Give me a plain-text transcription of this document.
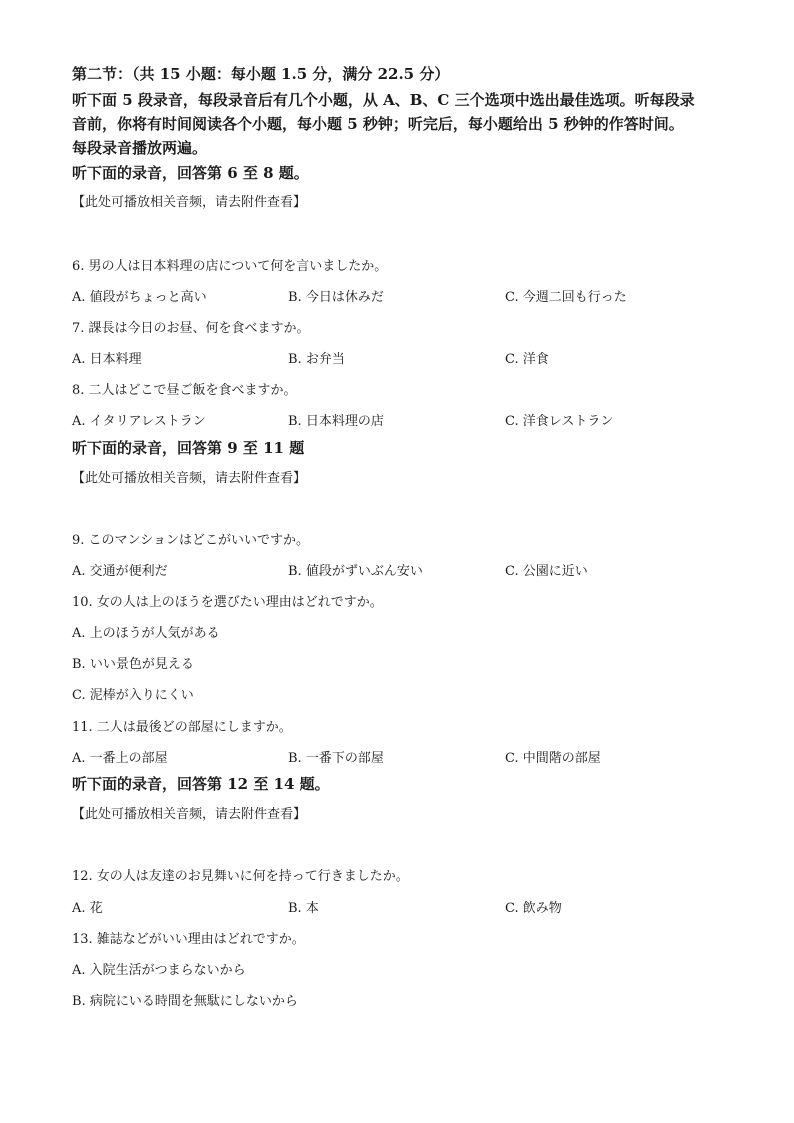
第二节：（共 15 小题：每小题 1.5 分，满分 22.5 分）
听下面 5 段录音，每段录音后有几个小题，从 A、B、C 三个选项中选出最佳选项。听每段录
音前，你将有时间阅读各个小题，每小题 5 秒钟；听完后，每小题给出 5 秒钟的作答时间。
每段录音播放两遍。
听下面的录音，回答第 6 至 8 题。
【此处可播放相关音频，请去附件查看】
6. 男の人は日本料理の店について何を言いましたか。
A. 値段がちょっと高い	B. 今日は休みだ	C. 今週二回も行った
7. 課長は今日のお昼、何を食べますか。
A. 日本料理	B. お弁当	C. 洋食
8. 二人はどこで昼ご飯を食べますか。
A. イタリアレストラン	B. 日本料理の店	C. 洋食レストラン
听下面的录音，回答第 9 至 11 题
【此处可播放相关音频，请去附件查看】
9. このマンションはどこがいいですか。
A. 交通が便利だ	B. 値段がずいぶん安い	C. 公園に近い
10. 女の人は上のほうを選びたい理由はどれですか。
A. 上のほうが人気がある
B. いい景色が見える
C. 泥棒が入りにくい
11. 二人は最後どの部屋にしますか。
A. 一番上の部屋	B. 一番下の部屋	C. 中間階の部屋
听下面的录音，回答第 12 至 14 题。
【此处可播放相关音频，请去附件查看】
12. 女の人は友達のお見舞いに何を持って行きましたか。
A. 花	B. 本	C. 飲み物
13. 雑誌などがいい理由はどれですか。
A. 入院生活がつまらないから
B. 病院にいる時間を無駄にしないから
